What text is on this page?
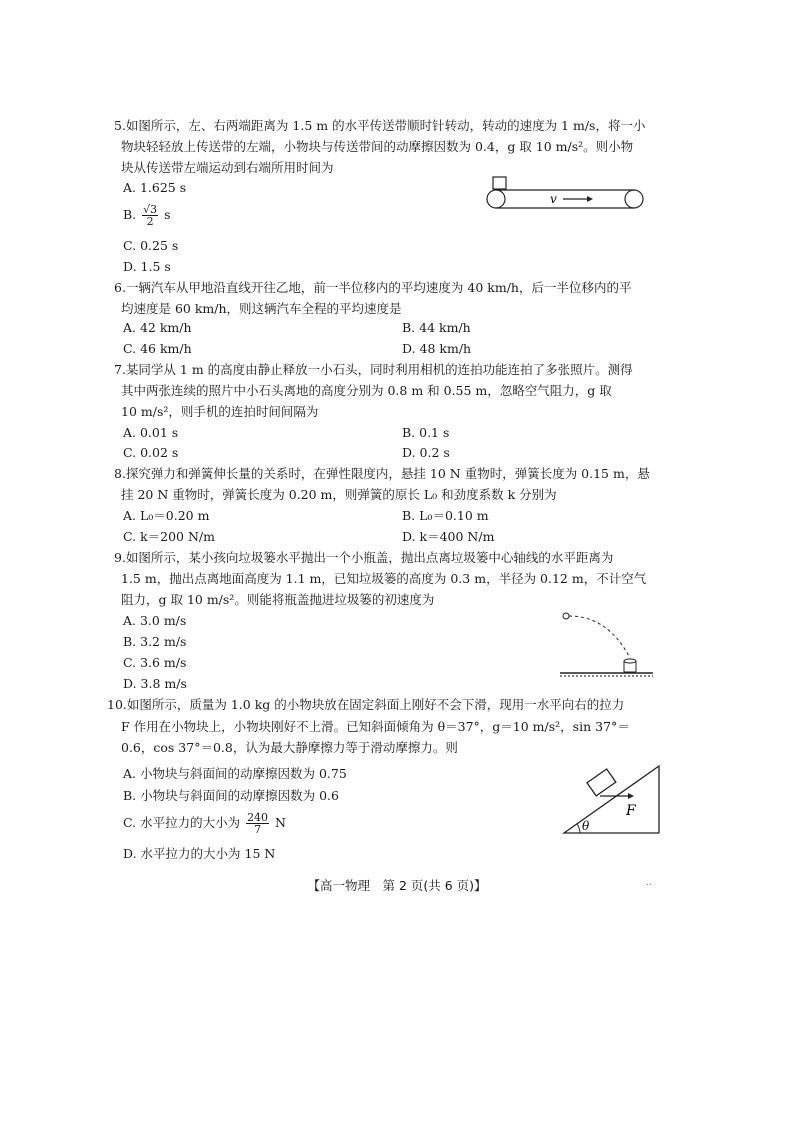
5.如图所示，左、右两端距离为 1.5 m 的水平传送带顺时针转动，转动的速度为 1 m/s，将一小
物块轻轻放上传送带的左端，小物块与传送带间的动摩擦因数为 0.4，g 取 10 m/s²。则小物
块从传送带左端运动到右端所用时间为
A. 1.625 s
B. $\frac{√3}{2}$ s
C. 0.25 s
D. 1.5 s
v
6.一辆汽车从甲地沿直线开往乙地，前一半位移内的平均速度为 40 km/h，后一半位移内的平
均速度是 60 km/h，则这辆汽车全程的平均速度是
A. 42 km/h	B. 44 km/h
C. 46 km/h	D. 48 km/h
7.某同学从 1 m 的高度由静止释放一小石头，同时利用相机的连拍功能连拍了多张照片。测得
其中两张连续的照片中小石头离地的高度分别为 0.8 m 和 0.55 m，忽略空气阻力，g 取
10 m/s²，则手机的连拍时间间隔为
A. 0.01 s	B. 0.1 s
C. 0.02 s	D. 0.2 s
8.探究弹力和弹簧伸长量的关系时，在弹性限度内，悬挂 10 N 重物时，弹簧长度为 0.15 m，悬
挂 20 N 重物时，弹簧长度为 0.20 m，则弹簧的原长 L₀ 和劲度系数 k 分别为
A. L₀＝0.20 m	B. L₀＝0.10 m
C. k＝200 N/m	D. k＝400 N/m
9.如图所示，某小孩向垃圾篓水平抛出一个小瓶盖，抛出点离垃圾篓中心轴线的水平距离为
1.5 m，抛出点离地面高度为 1.1 m，已知垃圾篓的高度为 0.3 m，半径为 0.12 m，不计空气
阻力，g 取 10 m/s²。则能将瓶盖抛进垃圾篓的初速度为
A. 3.0 m/s
B. 3.2 m/s
C. 3.6 m/s
D. 3.8 m/s
10.如图所示，质量为 1.0 kg 的小物块放在固定斜面上刚好不会下滑，现用一水平向右的拉力
F 作用在小物块上，小物块刚好不上滑。已知斜面倾角为 θ＝37°，g＝10 m/s²，sin 37°＝
0.6，cos 37°＝0.8，认为最大静摩擦力等于滑动摩擦力。则
A. 小物块与斜面间的动摩擦因数为 0.75
B. 小物块与斜面间的动摩擦因数为 0.6
C. 水平拉力的大小为 $\frac{240}{7}$ N
D. 水平拉力的大小为 15 N
F
θ
【高一物理　第 2 页(共 6 页)】	..
